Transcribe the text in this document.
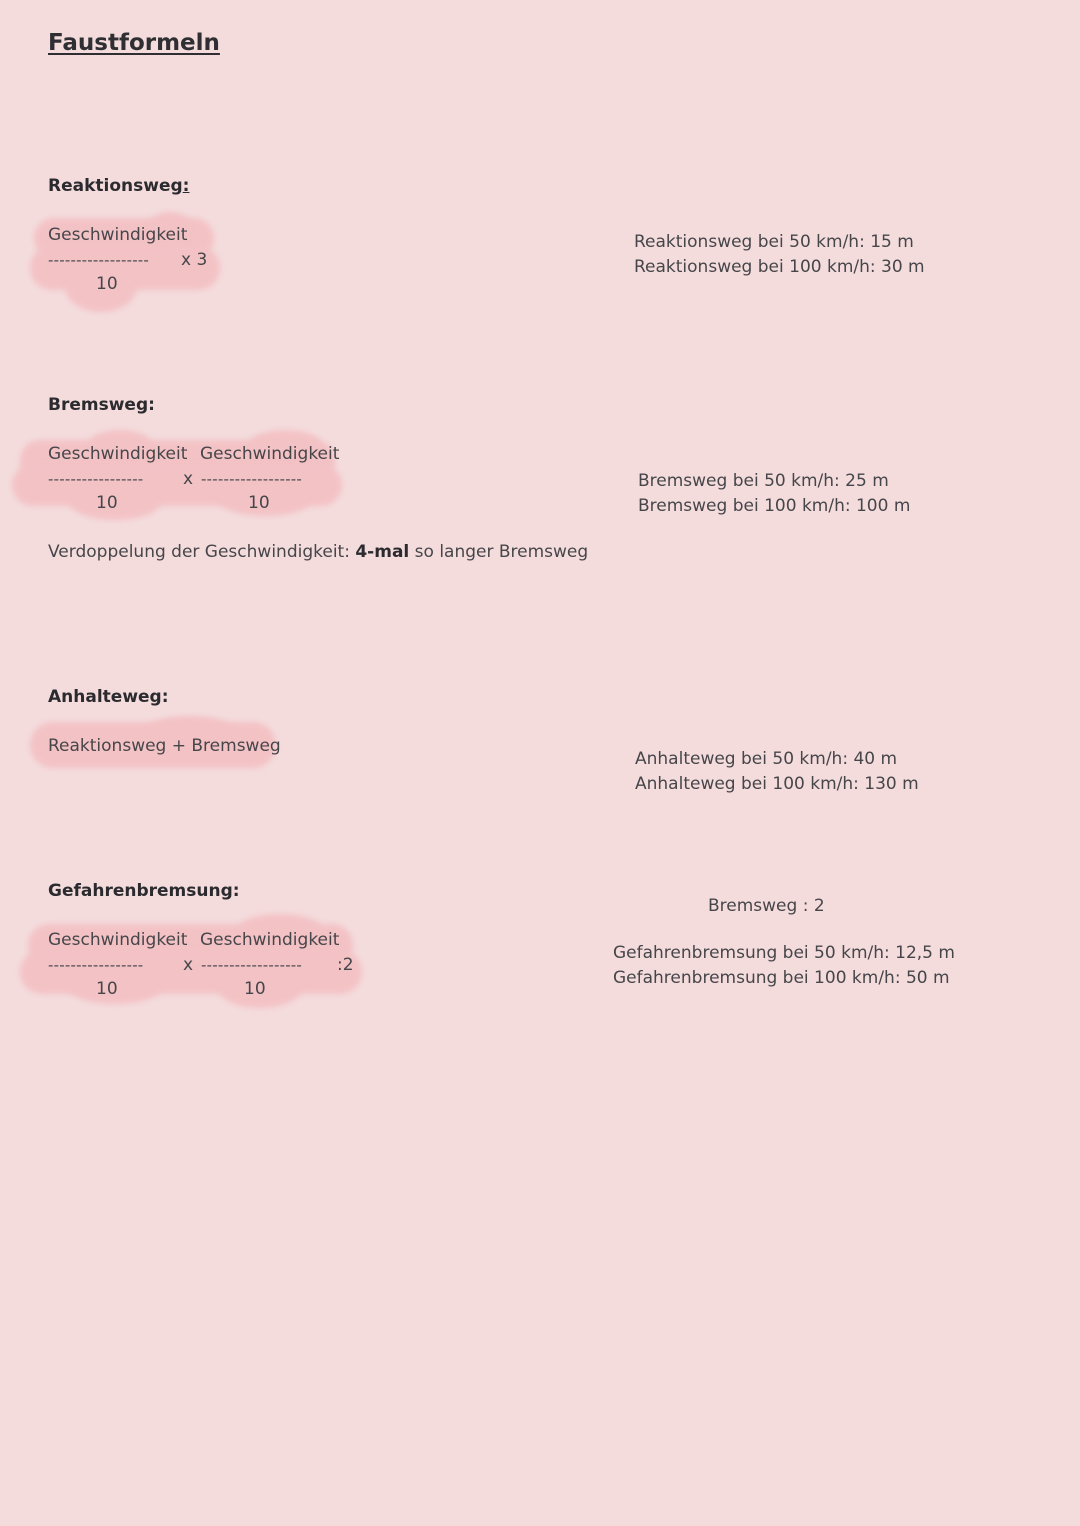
Faustformeln
Reaktionsweg:
Geschwindigkeit
------------------ x 3
10
Reaktionsweg bei 50 km/h: 15 m
Reaktionsweg bei 100 km/h: 30 m
Bremsweg:
Geschwindigkeit Geschwindigkeit
----------------- x ------------------
10	10
Verdoppelung der Geschwindigkeit: 4-mal so langer Bremsweg
Bremsweg bei 50 km/h: 25 m
Bremsweg bei 100 km/h: 100 m
Anhalteweg:
Reaktionsweg + Bremsweg
Anhalteweg bei 50 km/h: 40 m
Anhalteweg bei 100 km/h: 130 m
Gefahrenbremsung:
Geschwindigkeit Geschwindigkeit
----------------- x ------------------ :2
10	10
Bremsweg : 2
Gefahrenbremsung bei 50 km/h: 12,5 m
Gefahrenbremsung bei 100 km/h: 50 m
